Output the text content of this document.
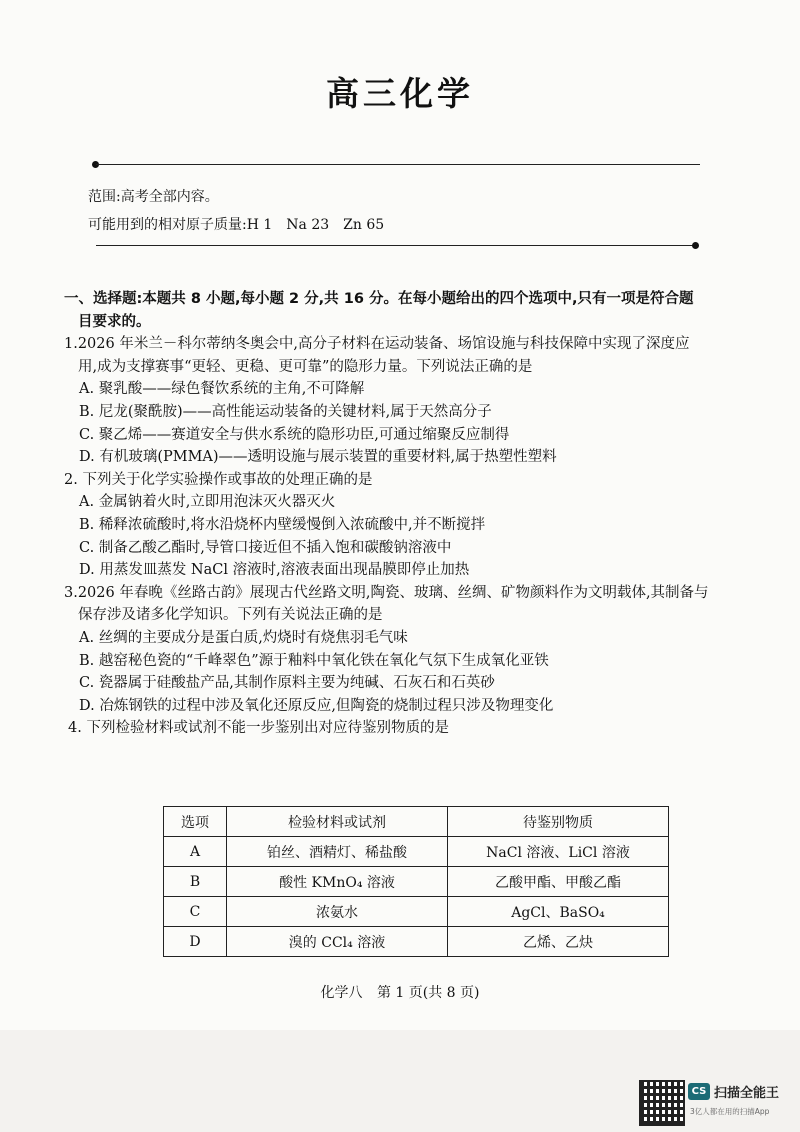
高三化学
范围:高考全部内容。
可能用到的相对原子质量:H 1　Na 23　Zn 65
一、选择题:本题共 8 小题,每小题 2 分,共 16 分。在每小题给出的四个选项中,只有一项是符合题
目要求的。
1.2026 年米兰－科尔蒂纳冬奥会中,高分子材料在运动装备、场馆设施与科技保障中实现了深度应
用,成为支撑赛事“更轻、更稳、更可靠”的隐形力量。下列说法正确的是
A. 聚乳酸——绿色餐饮系统的主角,不可降解
B. 尼龙(聚酰胺)——高性能运动装备的关键材料,属于天然高分子
C. 聚乙烯——赛道安全与供水系统的隐形功臣,可通过缩聚反应制得
D. 有机玻璃(PMMA)——透明设施与展示装置的重要材料,属于热塑性塑料
2. 下列关于化学实验操作或事故的处理正确的是
A. 金属钠着火时,立即用泡沫灭火器灭火
B. 稀释浓硫酸时,将水沿烧杯内壁缓慢倒入浓硫酸中,并不断搅拌
C. 制备乙酸乙酯时,导管口接近但不插入饱和碳酸钠溶液中
D. 用蒸发皿蒸发 NaCl 溶液时,溶液表面出现晶膜即停止加热
3.2026 年春晚《丝路古韵》展现古代丝路文明,陶瓷、玻璃、丝绸、矿物颜料作为文明载体,其制备与
保存涉及诸多化学知识。下列有关说法正确的是
A. 丝绸的主要成分是蛋白质,灼烧时有烧焦羽毛气味
B. 越窑秘色瓷的“千峰翠色”源于釉料中氧化铁在氧化气氛下生成氧化亚铁
C. 瓷器属于硅酸盐产品,其制作原料主要为纯碱、石灰石和石英砂
D. 冶炼钢铁的过程中涉及氧化还原反应,但陶瓷的烧制过程只涉及物理变化
4. 下列检验材料或试剂不能一步鉴别出对应待鉴别物质的是
选项	检验材料或试剂	待鉴别物质
A	铂丝、酒精灯、稀盐酸	NaCl 溶液、LiCl 溶液
B	酸性 KMnO₄ 溶液	乙酸甲酯、甲酸乙酯
C	浓氨水	AgCl、BaSO₄
D	溴的 CCl₄ 溶液	乙烯、乙炔
化学八 第 1 页(共 8 页)
CS 扫描全能王
3亿人都在用的扫描App
